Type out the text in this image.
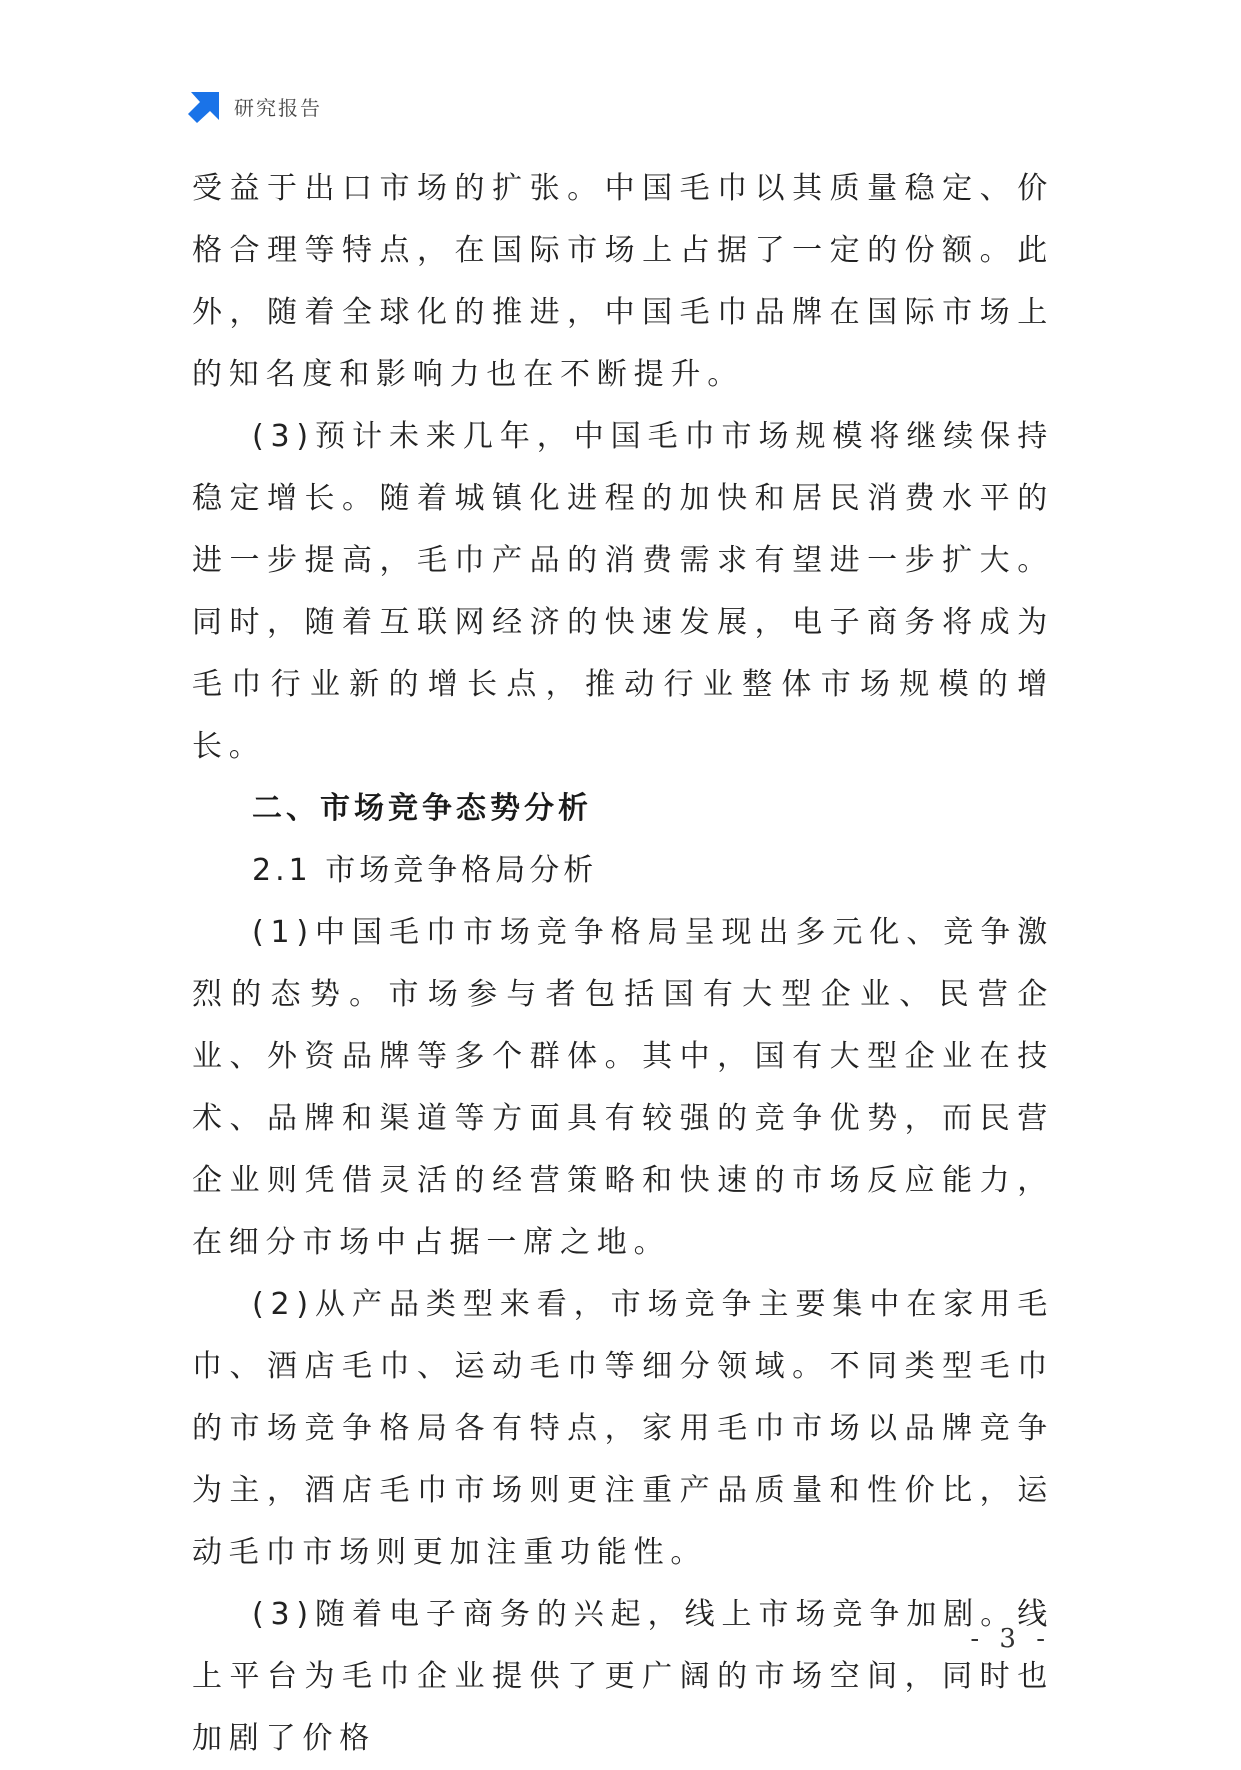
研究报告

受益于出口市场的扩张。中国毛巾以其质量稳定、价格合理等特点，在国际市场上占据了一定的份额。此外，随着全球化的推进，中国毛巾品牌在国际市场上的知名度和影响力也在不断提升。

(3)预计未来几年，中国毛巾市场规模将继续保持稳定增长。随着城镇化进程的加快和居民消费水平的进一步提高，毛巾产品的消费需求有望进一步扩大。同时，随着互联网经济的快速发展，电子商务将成为毛巾行业新的增长点，推动行业整体市场规模的增长。

二、市场竞争态势分析

2.1 市场竞争格局分析

(1)中国毛巾市场竞争格局呈现出多元化、竞争激烈的态势。市场参与者包括国有大型企业、民营企业、外资品牌等多个群体。其中，国有大型企业在技术、品牌和渠道等方面具有较强的竞争优势，而民营企业则凭借灵活的经营策略和快速的市场反应能力，在细分市场中占据一席之地。

(2)从产品类型来看，市场竞争主要集中在家用毛巾、酒店毛巾、运动毛巾等细分领域。不同类型毛巾的市场竞争格局各有特点，家用毛巾市场以品牌竞争为主，酒店毛巾市场则更注重产品质量和性价比，运动毛巾市场则更加注重功能性。

(3)随着电子商务的兴起，线上市场竞争加剧。线上平台为毛巾企业提供了更广阔的市场空间，同时也加剧了价格

- 3 -
